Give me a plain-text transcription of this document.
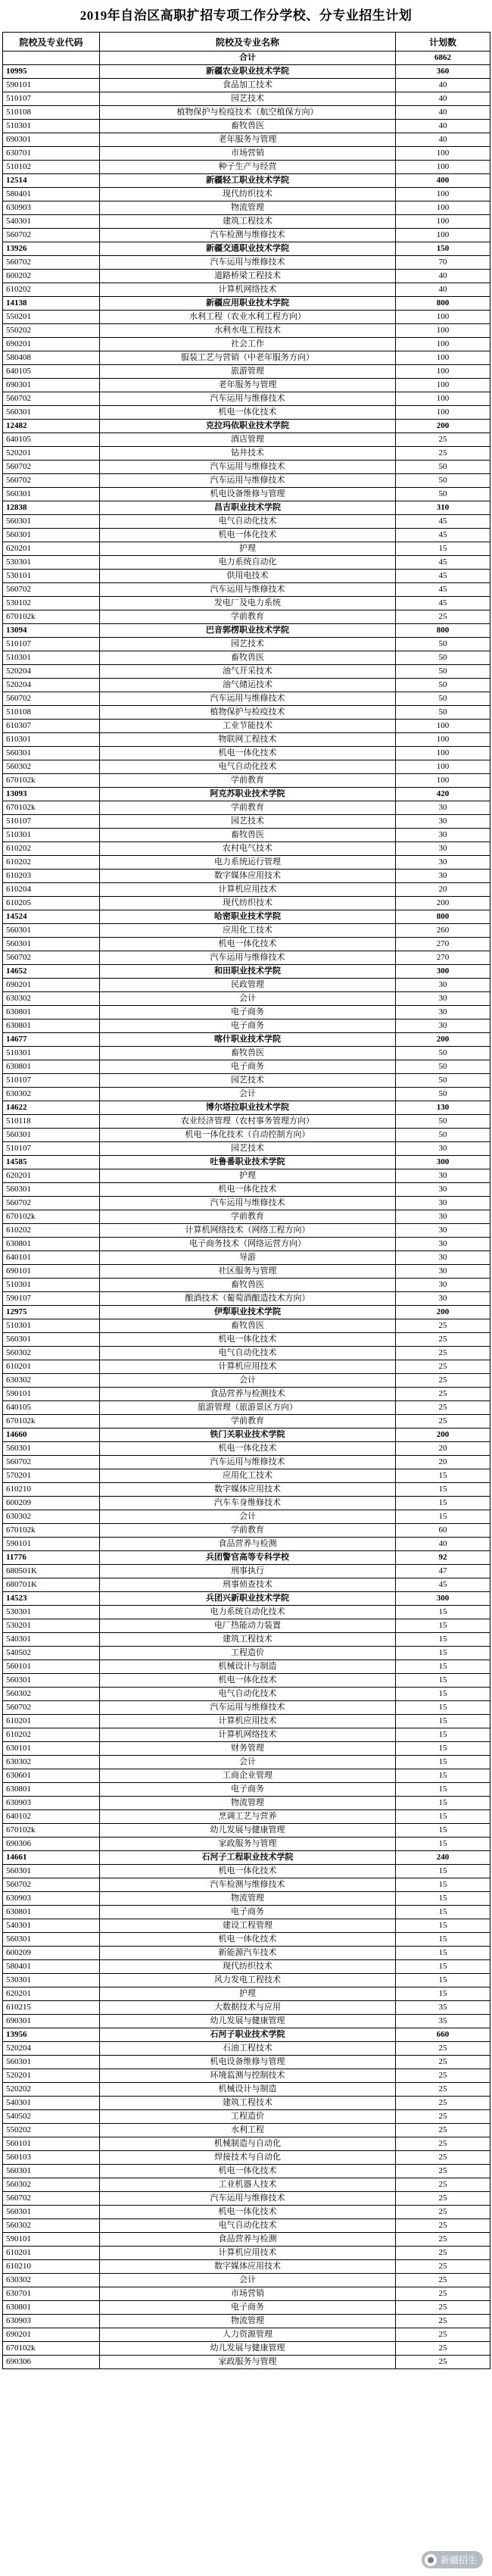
2019年自治区高职扩招专项工作分学校、分专业招生计划
院校及专业代码	院校及专业名称	计划数
	合计	6862
10995	新疆农业职业技术学院	360
590101	食品加工技术	40
510107	园艺技术	40
510108	植物保护与检疫技术（航空植保方向）	40
510301	畜牧兽医	40
690301	老年服务与管理	40
630701	市场营销	100
510102	种子生产与经营	100
12514	新疆轻工职业技术学院	400
580401	现代纺织技术	100
630903	物流管理	100
540301	建筑工程技术	100
560702	汽车检测与维修技术	100
13926	新疆交通职业技术学院	150
560702	汽车运用与维修技术	70
600202	道路桥梁工程技术	40
610202	计算机网络技术	40
14138	新疆应用职业技术学院	800
550201	水利工程（农业水利工程方向）	100
550202	水利水电工程技术	100
690201	社会工作	100
580408	服装工艺与营销（中老年服务方向）	100
640105	旅游管理	100
690301	老年服务与管理	100
560702	汽车运用与维修技术	100
560301	机电一体化技术	100
12482	克拉玛依职业技术学院	200
640105	酒店管理	25
520201	钻井技术	25
560702	汽车运用与维修技术	50
560702	汽车运用与维修技术	50
560301	机电设备维修与管理	50
12838	昌吉职业技术学院	310
560301	电气自动化技术	45
560301	机电一体化技术	45
620201	护理	15
530301	电力系统自动化	45
530101	供用电技术	45
560702	汽车运用与维修技术	45
530102	发电厂及电力系统	45
670102k	学前教育	25
13094	巴音郭楞职业技术学院	800
510107	园艺技术	50
510301	畜牧兽医	50
520204	油气开采技术	50
520204	油气储运技术	50
560702	汽车运用与维修技术	50
510108	植物保护与检疫技术	50
610307	工业节能技术	100
610301	物联网工程技术	100
560301	机电一体化技术	100
560302	电气自动化技术	100
670102k	学前教育	100
13093	阿克苏职业技术学院	420
670102k	学前教育	30
510107	园艺技术	30
510301	畜牧兽医	30
610202	农村电气技术	30
610202	电力系统运行管理	30
610203	数字媒体应用技术	30
610204	计算机应用技术	20
610205	现代纺织技术	200
14524	哈密职业技术学院	800
560301	应用化工技术	260
560301	机电一体化技术	270
560702	汽车运用与维修技术	270
14652	和田职业技术学院	300
690201	民政管理	30
630302	会计	30
630801	电子商务	30
630801	电子商务	30
14677	喀什职业技术学院	200
510301	畜牧兽医	50
630801	电子商务	50
510107	园艺技术	50
630302	会计	50
14622	博尔塔拉职业技术学院	130
510118	农业经济管理（农村事务管理方向）	50
560301	机电一体化技术（自动控制方向）	50
510107	园艺技术	30
14585	吐鲁番职业技术学院	300
620201	护理	30
560301	机电一体化技术	30
560702	汽车运用与维修技术	30
670102k	学前教育	30
610202	计算机网络技术（网络工程方向）	30
630801	电子商务技术（网络运营方向）	30
640101	导游	30
690101	社区服务与管理	30
510301	畜牧兽医	30
590107	酿酒技术（葡萄酒酿造技术方向）	30
12975	伊犁职业技术学院	200
510301	畜牧兽医	25
560301	机电一体化技术	25
560302	电气自动化技术	25
610201	计算机应用技术	25
630302	会计	25
590101	食品营养与检测技术	25
640105	旅游管理（旅游景区方向）	25
670102k	学前教育	25
14660	铁门关职业技术学院	200
560301	机电一体化技术	20
560702	汽车运用与维修技术	20
570201	应用化工技术	15
610210	数字媒体应用技术	15
600209	汽车车身维修技术	15
630302	会计	15
670102k	学前教育	60
590101	食品营养与检测	40
11776	兵团警官高等专科学校	92
680501K	刑事执行	47
680701K	刑事侦查技术	45
14523	兵团兴新职业技术学院	300
530301	电力系统自动化技术	15
530201	电厂热能动力装置	15
540301	建筑工程技术	15
540502	工程造价	15
560101	机械设计与制造	15
560301	机电一体化技术	15
560302	电气自动化技术	15
560702	汽车运用与维修技术	15
610201	计算机应用技术	15
610202	计算机网络技术	15
630101	财务管理	15
630302	会计	15
630601	工商企业管理	15
630801	电子商务	15
630903	物流管理	15
640102	烹调工艺与营养	15
670102k	幼儿发展与健康管理	15
690306	家政服务与管理	15
14661	石河子工程职业技术学院	240
560301	机电一体化技术	15
560702	汽车检测与维修技术	15
630903	物流管理	15
630801	电子商务	15
540301	建设工程管理	15
560301	机电一体化技术	15
600209	新能源汽车技术	15
580401	现代纺织技术	15
530301	风力发电工程技术	15
620201	护理	15
610215	大数据技术与应用	35
690301	幼儿发展与健康管理	35
13956	石河子职业技术学院	660
520204	石油工程技术	25
560301	机电设备维修与管理	25
520201	环境监测与控制技术	25
520202	机械设计与制造	25
540301	建筑工程技术	25
540502	工程造价	25
550202	水利工程	25
560101	机械制造与自动化	25
560103	焊接技术与自动化	25
560301	机电一体化技术	25
560302	工业机器人技术	25
560702	汽车运用与维修技术	25
560301	机电一体化技术	25
560302	电气自动化技术	25
590101	食品营养与检测	25
610201	计算机应用技术	25
610210	数字媒体应用技术	25
630302	会计	25
630701	市场营销	25
630801	电子商务	25
630903	物流管理	25
690201	人力资源管理	25
670102k	幼儿发展与健康管理	25
690306	家政服务与管理	25
新疆招生
